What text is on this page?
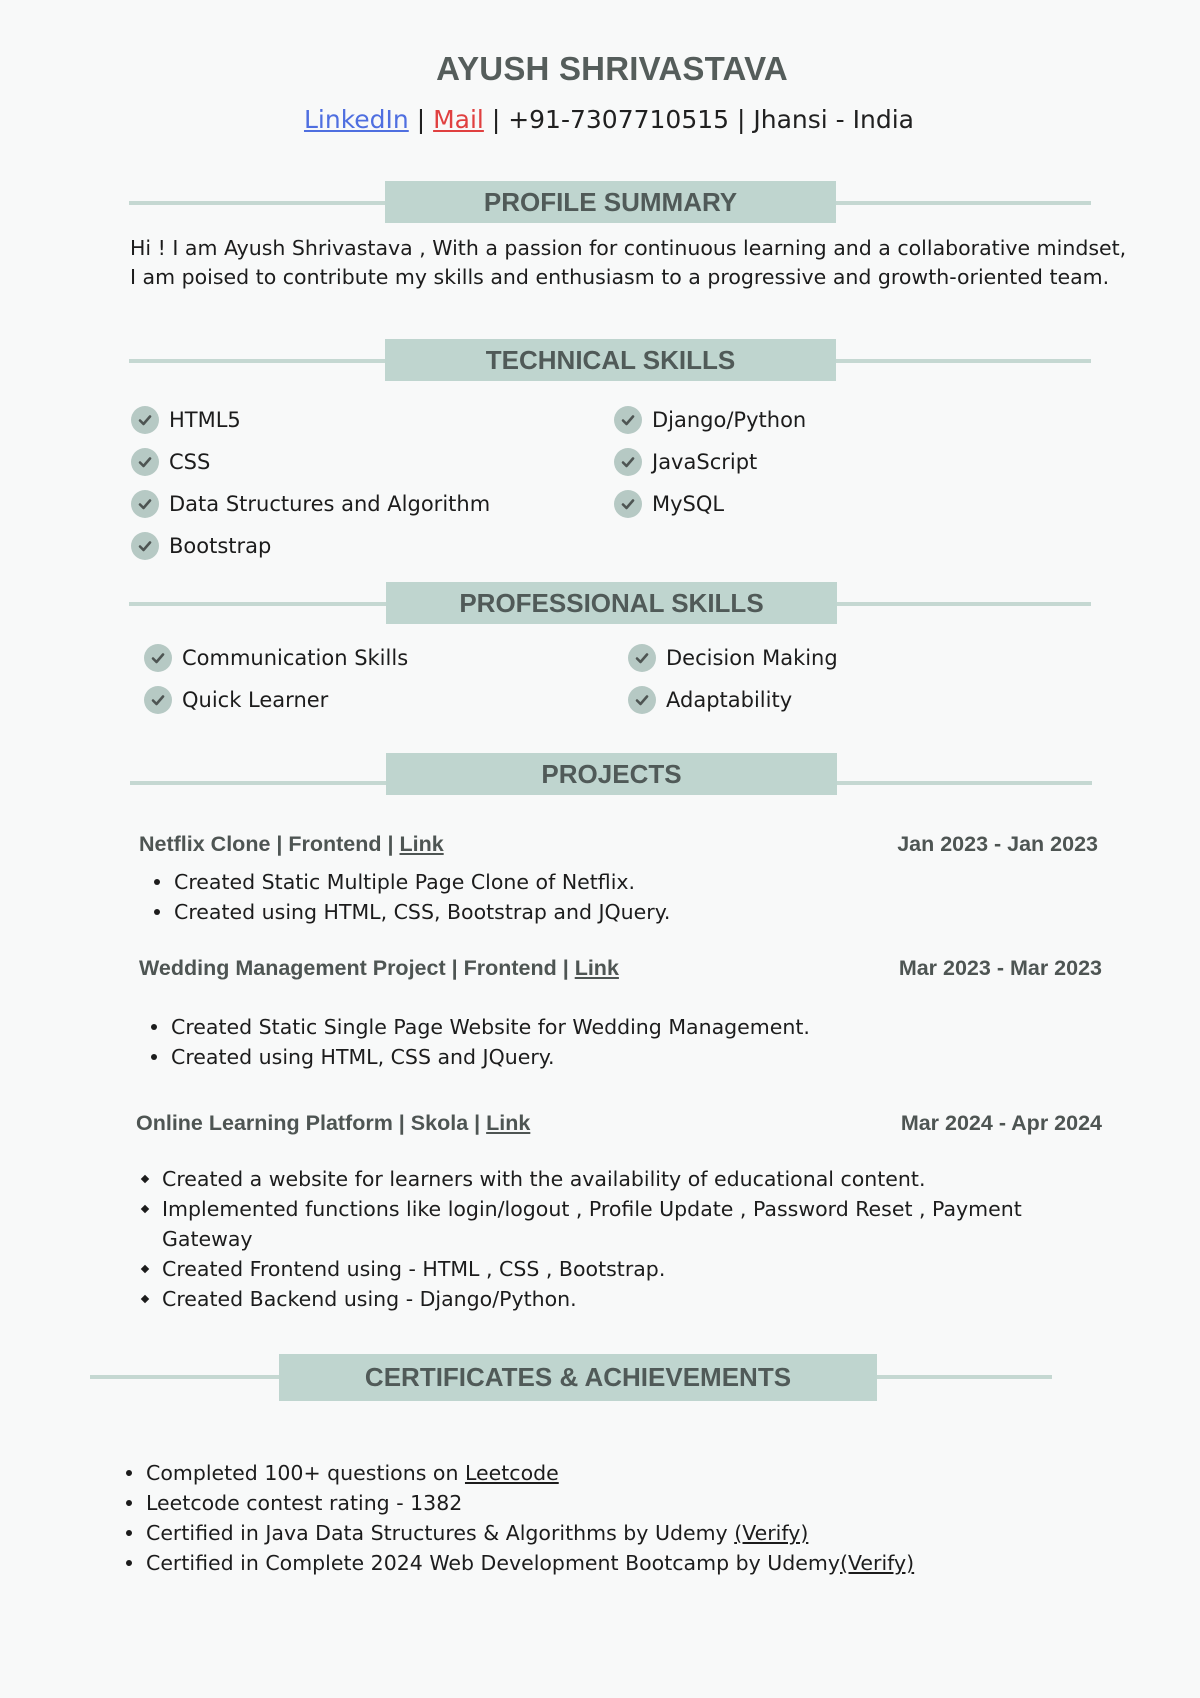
AYUSH SHRIVASTAVA
LinkedIn | Mail | +91-7307710515 | Jhansi - India
PROFILE SUMMARY
Hi ! I am Ayush Shrivastava , With a passion for continuous learning and a collaborative mindset,
I am poised to contribute my skills and enthusiasm to a progressive and growth-oriented team.
TECHNICAL SKILLS
HTML5
CSS
Data Structures and Algorithm
Bootstrap
Django/Python
JavaScript
MySQL
PROFESSIONAL SKILLS
Communication Skills
Quick Learner
Decision Making
Adaptability
PROJECTS
Netflix Clone | Frontend | Link	Jan 2023 - Jan 2023
Created Static Multiple Page Clone of Netflix.
Created using HTML, CSS, Bootstrap and JQuery.
Wedding Management Project | Frontend | Link	Mar 2023 - Mar 2023
Created Static Single Page Website for Wedding Management.
Created using HTML, CSS and JQuery.
Online Learning Platform | Skola | Link	Mar 2024 - Apr 2024
Created a website for learners with the availability of educational content.
Implemented functions like login/logout , Profile Update , Password Reset , Payment
Gateway
Created Frontend using - HTML , CSS , Bootstrap.
Created Backend using - Django/Python.
CERTIFICATES & ACHIEVEMENTS
Completed 100+ questions on Leetcode
Leetcode contest rating - 1382
Certified in Java Data Structures & Algorithms by Udemy (Verify)
Certified in Complete 2024 Web Development Bootcamp by Udemy(Verify)
